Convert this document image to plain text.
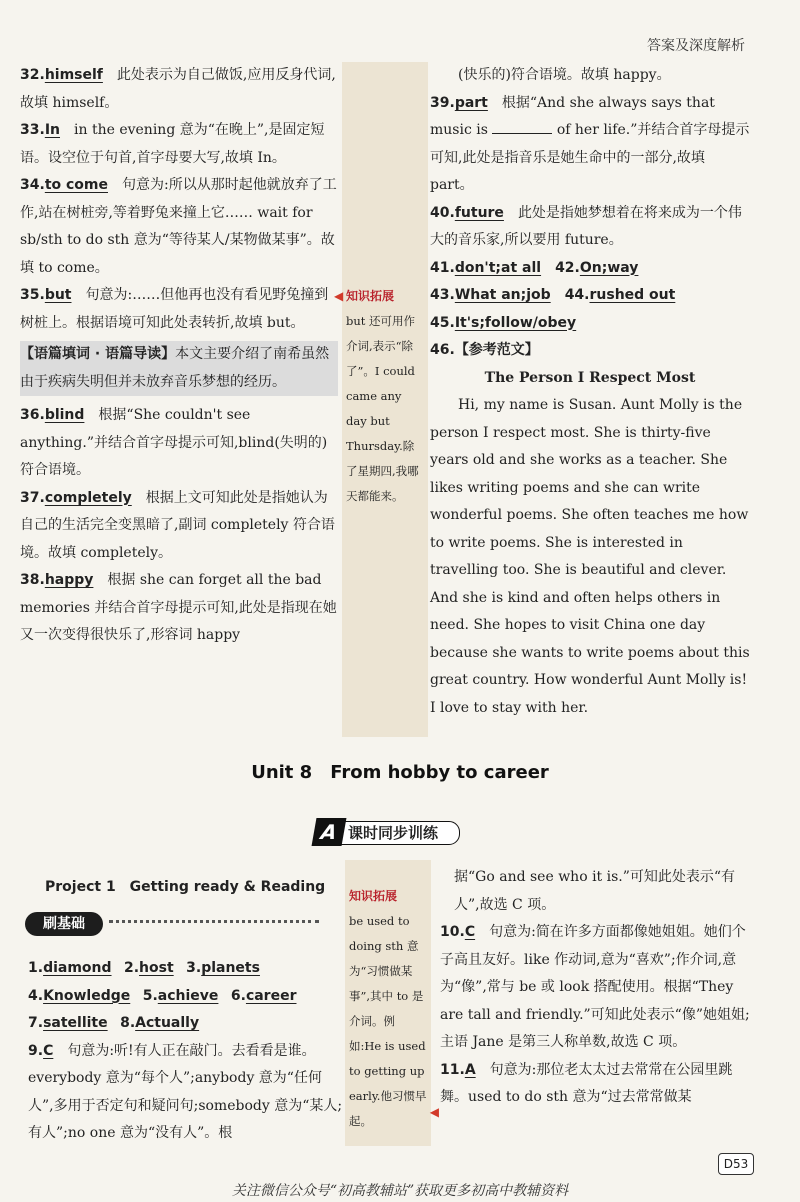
答案及深度解析

32.himself　 此处表示为自己做饭,应用反身代词,故填 himself。

33.In　 in the evening 意为“在晚上”,是固定短语。设空位于句首,首字母要大写,故填 In。

34.to come　 句意为:所以从那时起他就放弃了工作,站在树桩旁,等着野兔来撞上它…… wait for sb/sth to do sth 意为“等待某人/某物做某事”。故填 to come。

35.but　 句意为:……但他再也没有看见野兔撞到树桩上。根据语境可知此处表转折,故填 but。

【语篇填词 · 语篇导读】本文主要介绍了南希虽然由于疾病失明但并未放弃音乐梦想的经历。

36.blind　 根据“She couldn't see anything.”并结合首字母提示可知,blind(失明的)符合语境。

37.completely　 根据上文可知此处是指她认为自己的生活完全变黑暗了,副词 completely 符合语境。故填 completely。

38.happy　 根据 she can forget all the bad memories 并结合首字母提示可知,此处是指现在她又一次变得很快乐了,形容词 happy

◀ 知识拓展
but 还可用作介词,表示“除了”。I could came any day but Thursday.除了星期四,我哪天都能来。

(快乐的)符合语境。故填 happy。

39.part　 根据“And she always says that music is	of her life.”并结合首字母提示可知,此处是指音乐是她生命中的一部分,故填 part。

40.future　 此处是指她梦想着在将来成为一个伟大的音乐家,所以要用 future。

41.don't;at all　 42.On;way

43.What an;job　 44.rushed out

45.It's;follow/obey

46.【参考范文】

The Person I Respect Most

Hi, my name is Susan. Aunt Molly is the person I respect most. She is thirty-five years old and she works as a teacher. She likes writing poems and she can write wonderful poems. She often teaches me how to write poems. She is interested in travelling too. She is beautiful and clever. And she is kind and often helps others in need. She hopes to visit China one day because she wants to write poems about this great country. How wonderful Aunt Molly is! I love to stay with her.

Unit 8　From hobby to career
A 课时同步训练
Project 1　Getting ready & Reading
刷基础

1.diamond 2.host 3.planets

4.Knowledge 5.achieve 6.career

7.satellite 8.Actually

9.C　 句意为:听!有人正在敲门。去看看是谁。everybody 意为“每个人”;anybody 意为“任何人”,多用于否定句和疑问句;somebody 意为“某人;有人”;no one 意为“没有人”。根

◀
知识拓展
be used to doing sth 意为“习惯做某事”,其中 to 是介词。例如:He is used to getting up early.他习惯早起。

据“Go and see who it is.”可知此处表示“有人”,故选 C 项。

10.C　 句意为:简在许多方面都像她姐姐。她们个子高且友好。like 作动词,意为“喜欢”;作介词,意为“像”,常与 be 或 look 搭配使用。根据“They are tall and friendly.”可知此处表示“像”她姐姐;主语 Jane 是第三人称单数,故选 C 项。

11.A　 句意为:那位老太太过去常常在公园里跳舞。used to do sth 意为“过去常常做某

D53
关注微信公众号“初高教辅站”获取更多初高中教辅资料
